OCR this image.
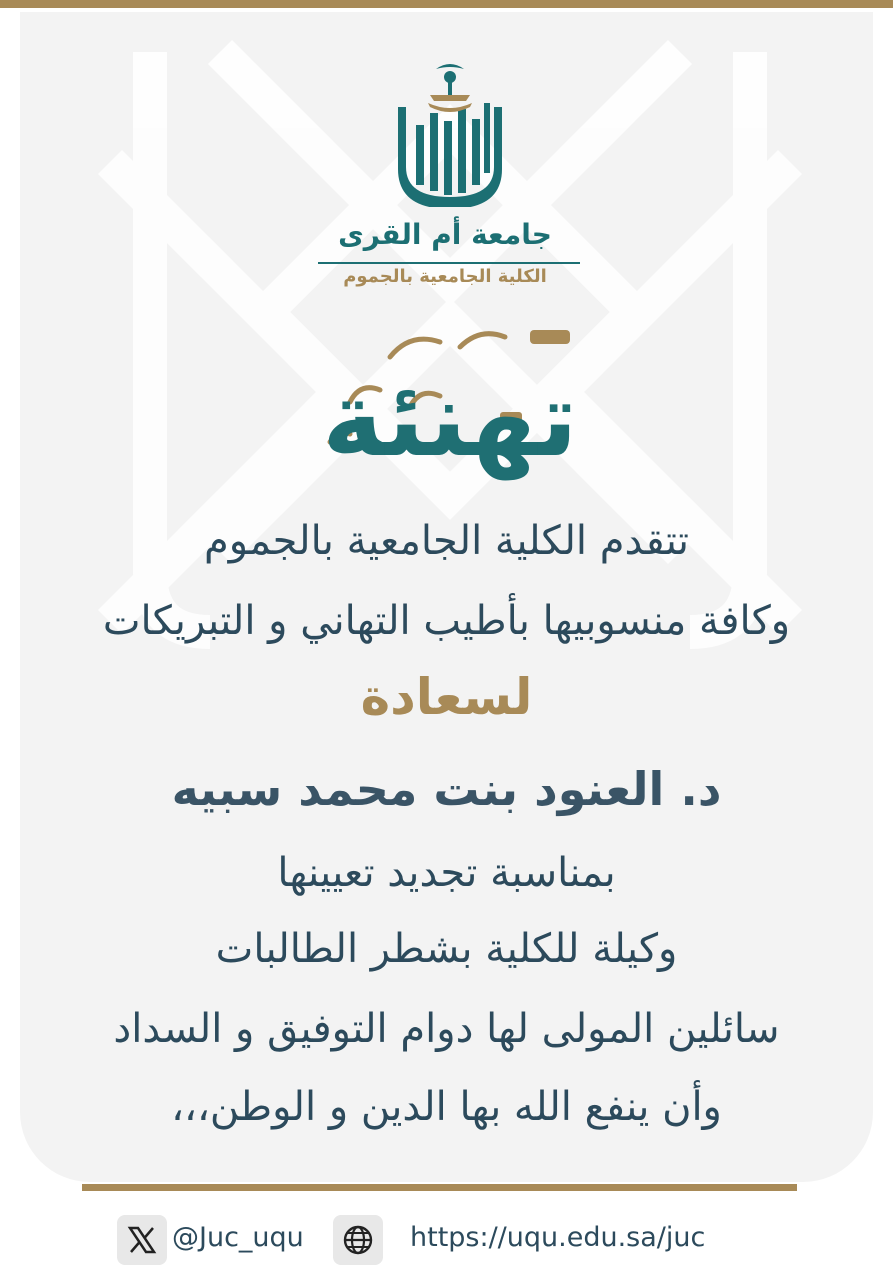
جامعة أم القرى
الكلية الجامعية بالجموم
تهنئة
تتقدم الكلية الجامعية بالجموم
وكافة منسوبيها بأطيب التهاني و التبريكات
لسعادة
د. العنود بنت محمد سبيه
بمناسبة تجديد تعيينها
وكيلة للكلية بشطر الطالبات
سائلين المولى لها دوام التوفيق و السداد
وأن ينفع الله بها الدين و الوطن،،،
@Juc_uqu	https://uqu.edu.sa/juc
